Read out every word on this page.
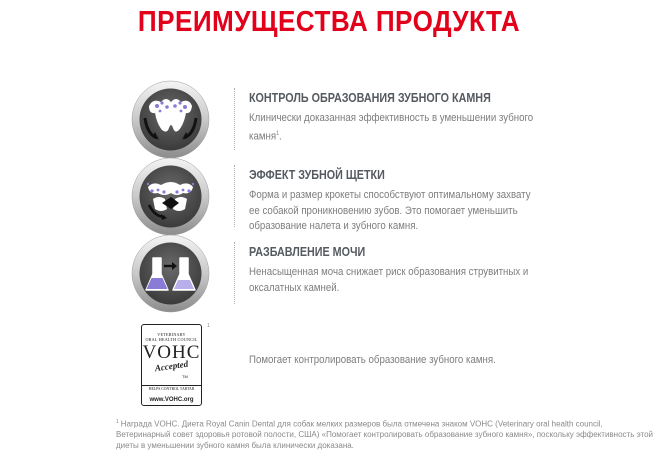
ПРЕИМУЩЕСТВА ПРОДУКТА
КОНТРОЛЬ ОБРАЗОВАНИЯ ЗУБНОГО КАМНЯ
Клинически доказанная эффективность в уменьшении зубного камня$^1$.
ЭФФЕКТ ЗУБНОЙ ЩЕТКИ
Форма и размер крокеты способствуют оптимальному захвату ее собакой проникновению зубов. Это помогает уменьшить образование налета и зубного камня.
РАЗБАВЛЕНИЕ МОЧИ
Ненасыщенная моча снижает риск образования струвитных и оксалатных камней.
VETERINARY
ORAL HEALTH COUNCIL
VOHC
Accepted
TM
HELPS CONTROL TARTAR
www.VOHC.org
1
Помогает контролировать образование зубного камня.
$^1$ Награда VOHC. Диета Royal Canin Dental для собак мелких размеров была отмечена знаком VOHC (Veterinary oral health council, Ветеринарный совет здоровья ротовой полости, США) «Помогает контролировать образование зубного камня», поскольку эффективность этой диеты в уменьшении зубного камня была клинически доказана.
